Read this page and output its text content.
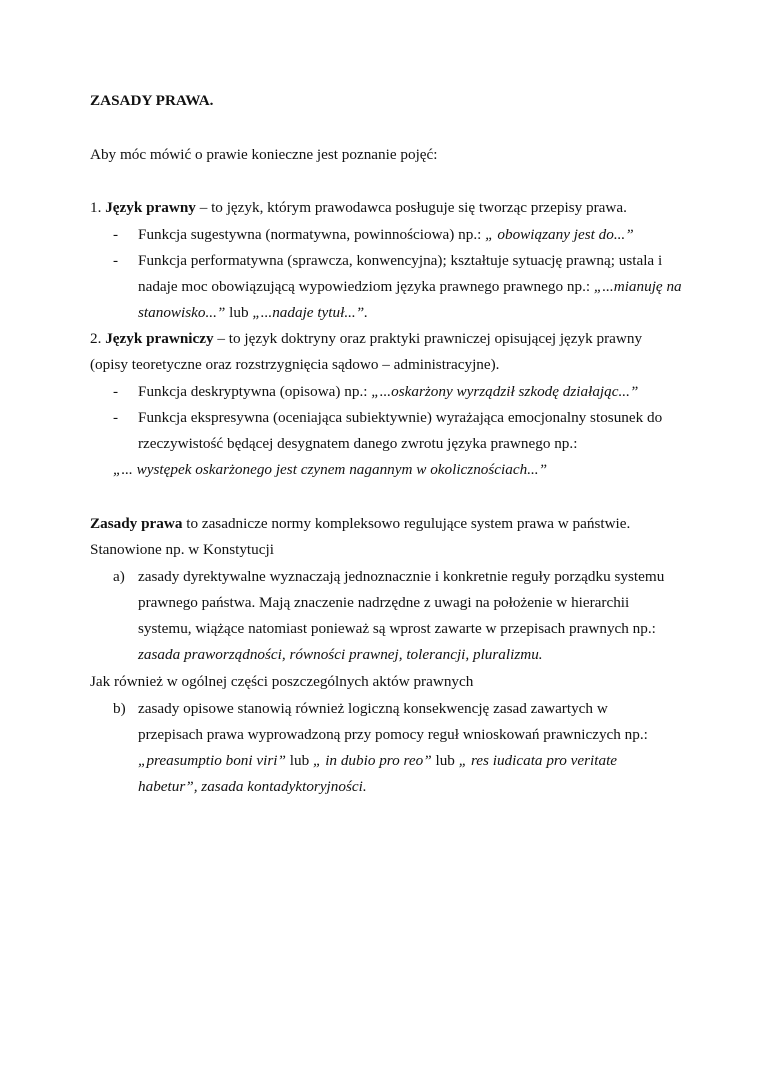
ZASADY PRAWA.
Aby móc mówić o prawie konieczne jest poznanie pojęć:
1. Język prawny – to język, którym prawodawca posługuje się tworząc przepisy prawa.
- Funkcja sugestywna (normatywna, powinnościowa) np.: „ obowiązany jest do...”
- Funkcja performatywna (sprawcza, konwencyjna); kształtuje sytuację prawną; ustala i
nadaje moc obowiązującą wypowiedziom języka prawnego prawnego np.: „...mianuję na
stanowisko...” lub „...nadaje tytuł...”.
2. Język prawniczy – to język doktryny oraz praktyki prawniczej opisującej język prawny
(opisy teoretyczne oraz rozstrzygnięcia sądowo – administracyjne).
- Funkcja deskryptywna (opisowa) np.: „...oskarżony wyrządził szkodę działając...”
- Funkcja ekspresywna (oceniająca subiektywnie) wyrażająca emocjonalny stosunek do
rzeczywistość będącej desygnatem danego zwrotu języka prawnego np.:
„... występek oskarżonego jest czynem nagannym w okolicznościach...”
Zasady prawa to zasadnicze normy kompleksowo regulujące system prawa w państwie.
Stanowione np. w Konstytucji
a) zasady dyrektywalne wyznaczają jednoznacznie i konkretnie reguły porządku systemu
prawnego państwa. Mają znaczenie nadrzędne z uwagi na położenie w hierarchii
systemu, wiążące natomiast ponieważ są wprost zawarte w przepisach prawnych np.:
zasada praworządności, równości prawnej, tolerancji, pluralizmu.
Jak również w ogólnej części poszczególnych aktów prawnych
b) zasady opisowe stanowią również logiczną konsekwencję zasad zawartych w
przepisach prawa wyprowadzoną przy pomocy reguł wnioskowań prawniczych np.:
„preasumptio boni viri” lub „ in dubio pro reo” lub „ res iudicata pro veritate
habetur”, zasada kontadyktoryjności.
